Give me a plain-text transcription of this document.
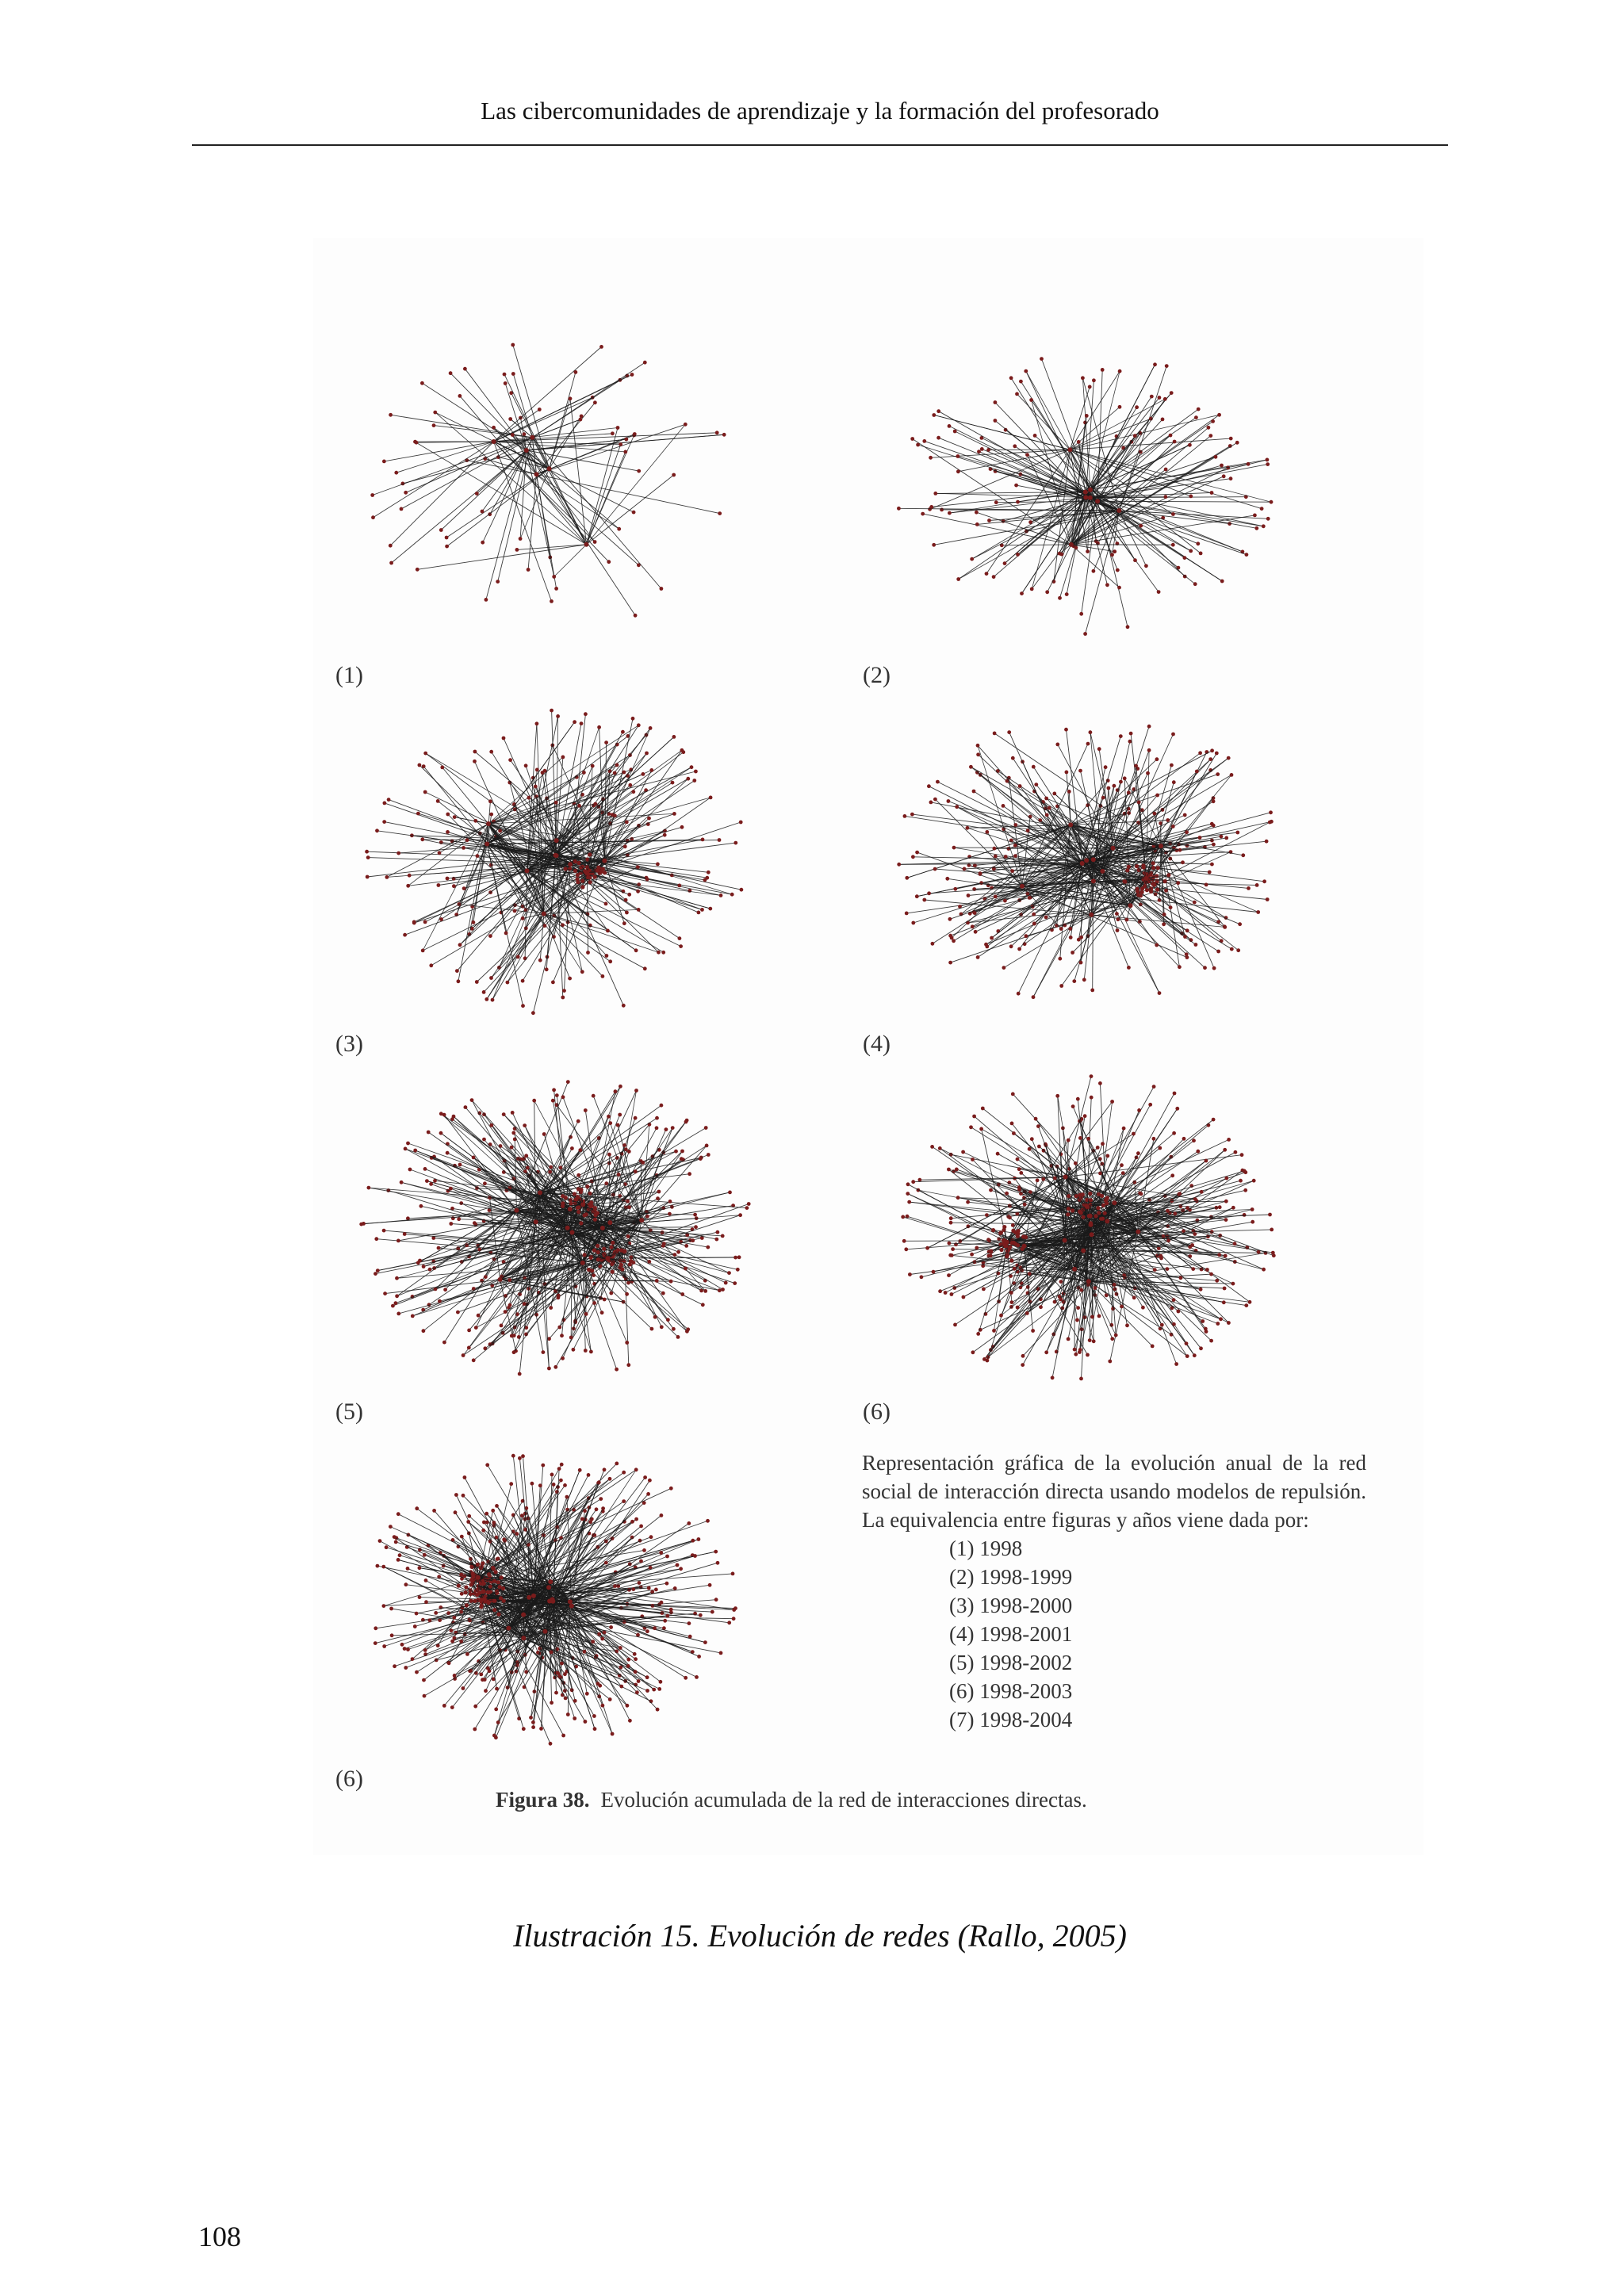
Las cibercomunidades de aprendizaje y la formación del profesorado
(1)	(2)
(3)	(4)
(5)	(6)
(6)
Representación gráfica de la evolución anual de la red social de interacción directa usando modelos de repulsión. La equivalencia entre figuras y años viene dada por:
(1) 1998
(2) 1998-1999
(3) 1998-2000
(4) 1998-2001
(5) 1998-2002
(6) 1998-2003
(7) 1998-2004
Figura 38. Evolución acumulada de la red de interacciones directas.
Ilustración 15. Evolución de redes (Rallo, 2005)
108
